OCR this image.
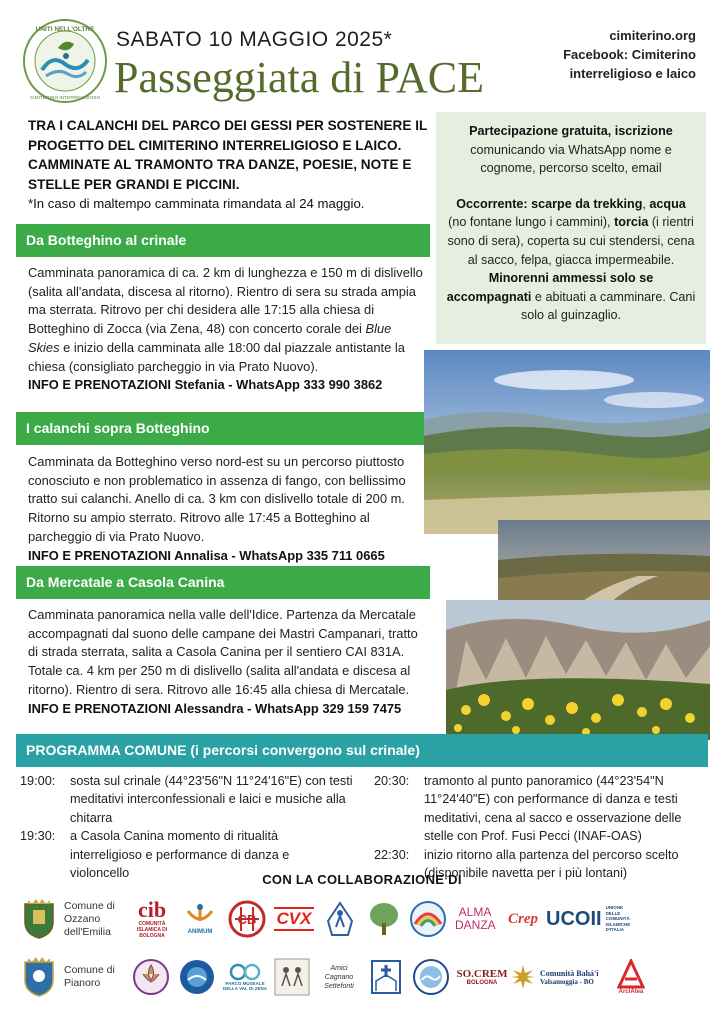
UNITI NELL'OLTRE
CIMITERINO INTERRELIGIOSO
SABATO 10 MAGGIO 2025*
Passeggiata di PACE
cimiterino.org
Facebook: Cimiterino
interreligioso e laico
TRA I CALANCHI DEL PARCO DEI GESSI PER SOSTENERE IL
PROGETTO DEL CIMITERINO INTERRELIGIOSO E LAICO.
CAMMINATE AL TRAMONTO TRA DANZE, POESIE, NOTE E
STELLE PER GRANDI E PICCINI.
*In caso di maltempo camminata rimandata al 24 maggio.

Partecipazione gratuita, iscrizione
comunicando via WhatsApp nome e cognome, percorso scelto, email

Occorrente: scarpe da trekking, acqua (no fontane lungo i cammini), torcia (i rientri sono di sera), coperta su cui stendersi, cena al sacco, felpa, giacca impermeabile.
Minorenni ammessi solo se accompagnati e abituati a camminare. Cani solo al guinzaglio.

Da Botteghino al crinale
Camminata panoramica di ca. 2 km di lunghezza e 150 m di dislivello (salita all'andata, discesa al ritorno). Rientro di sera su strada ampia ma sterrata. Ritrovo per chi desidera alle 17:15 alla chiesa di Botteghino di Zocca (via Zena, 48) con concerto corale dei Blue Skies e inizio della camminata alle 18:00 dal piazzale antistante la chiesa (consigliato parcheggio in via Prato Nuovo).
INFO E PRENOTAZIONI Stefania - WhatsApp 333 990 3862
I calanchi sopra Botteghino
Camminata da Botteghino verso nord-est su un percorso piuttosto conosciuto e non problematico in assenza di fango, con bellissimo tratto sui calanchi. Anello di ca. 3 km con dislivello totale di 200 m. Ritorno su ampio sterrato. Ritrovo alle 17:45 a Botteghino al parcheggio di via Prato Nuovo.
INFO E PRENOTAZIONI Annalisa - WhatsApp 335 711 0665
Da Mercatale a Casola Canina
Camminata panoramica nella valle dell'Idice. Partenza da Mercatale accompagnati dal suono delle campane dei Mastri Campanari, tratto di strada sterrata, salita a Casola Canina per il sentiero CAI 831A. Totale ca. 4 km per 250 m di dislivello (salita all'andata e discesa al ritorno). Rientro di sera. Ritrovo alle 16:45 alla chiesa di Mercatale.
INFO E PRENOTAZIONI Alessandra - WhatsApp 329 159 7475
PROGRAMMA COMUNE (i percorsi convergono sul crinale)
19:00:	sosta sul crinale (44°23'56"N 11°24'16"E) con testi meditativi interconfessionali e laici e musiche alla chitarra
19:30:	a Casola Canina momento di ritualità interreligioso e performance di danza e violoncello
20:30:	tramonto al punto panoramico (44°23'54"N 11°24'40"E) con performance di danza e testi meditativi, cena al sacco e osservazione delle stelle con Prof. Fusi Pecci (INAF-OAS)
22:30:	inizio ritorno alla partenza del percorso scelto (disponibile navetta per i più lontani)
CON LA COLLABORAZIONE DI
Comune di
Ozzano
dell'Emilia
cib
COMUNITÀ ISLAMICA DI BOLOGNA
ANIMUM
CB CVX	ALMA DANZA Crep UCOII UNIONE DELLE COMUNITÀ ISLAMICHE D'ITALIA
Comune di
Pianoro	PARCO MUSEALE DELLA VAL DI ZENA
Amici Cagnano Settefonti
SO.CREM
BOLOGNA
Comunità Bahá'í
Valsamoggia - BO
ArciAtea
